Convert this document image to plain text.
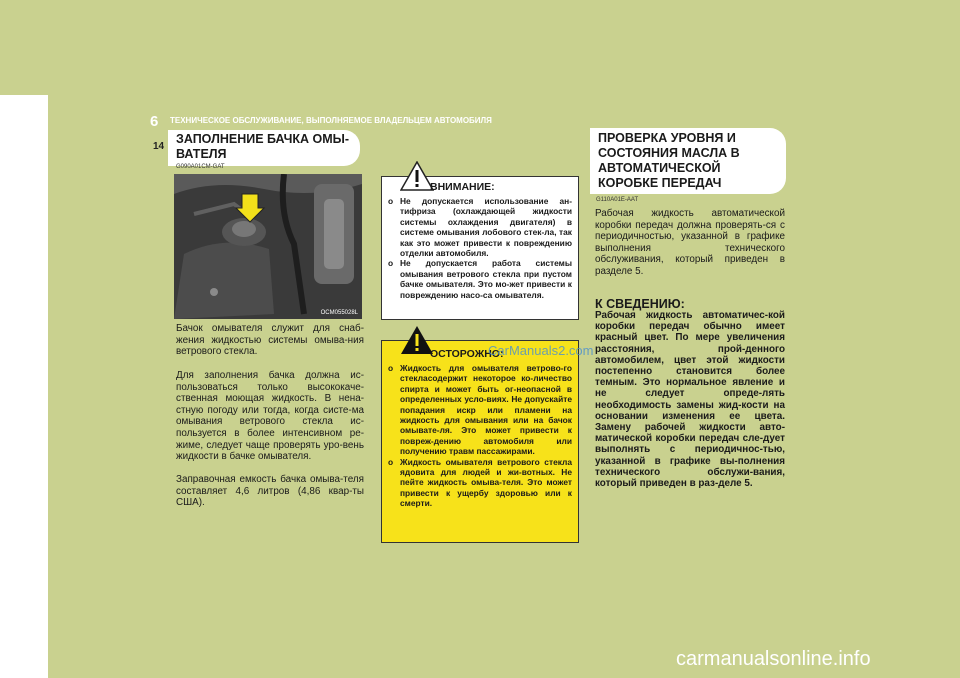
6 ТЕХНИЧЕСКОЕ ОБСЛУЖИВАНИЕ, ВЫПОЛНЯЕМОЕ ВЛАДЕЛЬЦЕМ АВТОМОБИЛЯ
14
ЗАПОЛНЕНИЕ БАЧКА ОМЫ-ВАТЕЛЯ
G090A01CM-GAT
OCM055028L
Бачок омывателя служит для снаб-жения жидкостью системы омыва-ния ветрового стекла.
Для заполнения бачка должна ис-пользоваться только высококаче-ственная моющая жидкость. В нена-стную погоду или тогда, когда систе-ма омывания ветрового стекла ис-пользуется в более интенсивном ре-жиме, следует чаще проверять уро-вень жидкости в бачке омывателя.
Заправочная емкость бачка омыва-теля составляет 4,6 литров (4,86 квар-ты США).
ВНИМАНИЕ:
o Не допускается использование ан-тифриза (охлаждающей жидкости системы охлаждения двигателя) в системе омывания лобового стек-ла, так как это может привести к повреждению отделки автомобиля.
o Не допускается работа системы омывания ветрового стекла при пустом бачке омывателя. Это мо-жет привести к повреждению насо-са омывателя.
ОСТОРОЖНО:
o Жидкость для омывателя ветрово-го стекласодержит некоторое ко-личество спирта и может быть ог-неопасной в определенных усло-виях. Не допускайте попадания искр или пламени на жидкость для омывания или на бачок омывате-ля. Это может привести к повреж-дению автомобиля или получению травм пассажирами.
o Жидкость омывателя ветрового стекла ядовита для людей и жи-вотных. Не пейте жидкость омыва-теля. Это может привести к ущербу здоровью или к смерти.
CarManuals2.com
ПРОВЕРКА УРОВНЯ И СОСТОЯНИЯ МАСЛА В АВТОМАТИЧЕСКОЙ КОРОБКЕ ПЕРЕДАЧ
G110A01E-AAT
Рабочая жидкость автоматической коробки передач должна проверять-ся с периодичностью, указанной в графике выполнения технического обслуживания, который приведен в разделе 5.
К СВЕДЕНИЮ:
Рабочая жидкость автоматичес-кой коробки передач обычно имеет красный цвет. По мере увеличения расстояния, прой-денного автомобилем, цвет этой жидкости постепенно становится более темным. Это нормальное явление и не следует опреде-лять необходимость замены жид-кости на основании изменения ее цвета. Замену рабочей жидкости авто-матической коробки передач сле-дует выполнять с периодичнос-тью, указанной в графике вы-полнения технического обслужи-вания, который приведен в раз-деле 5.
carmanualsonline.info
